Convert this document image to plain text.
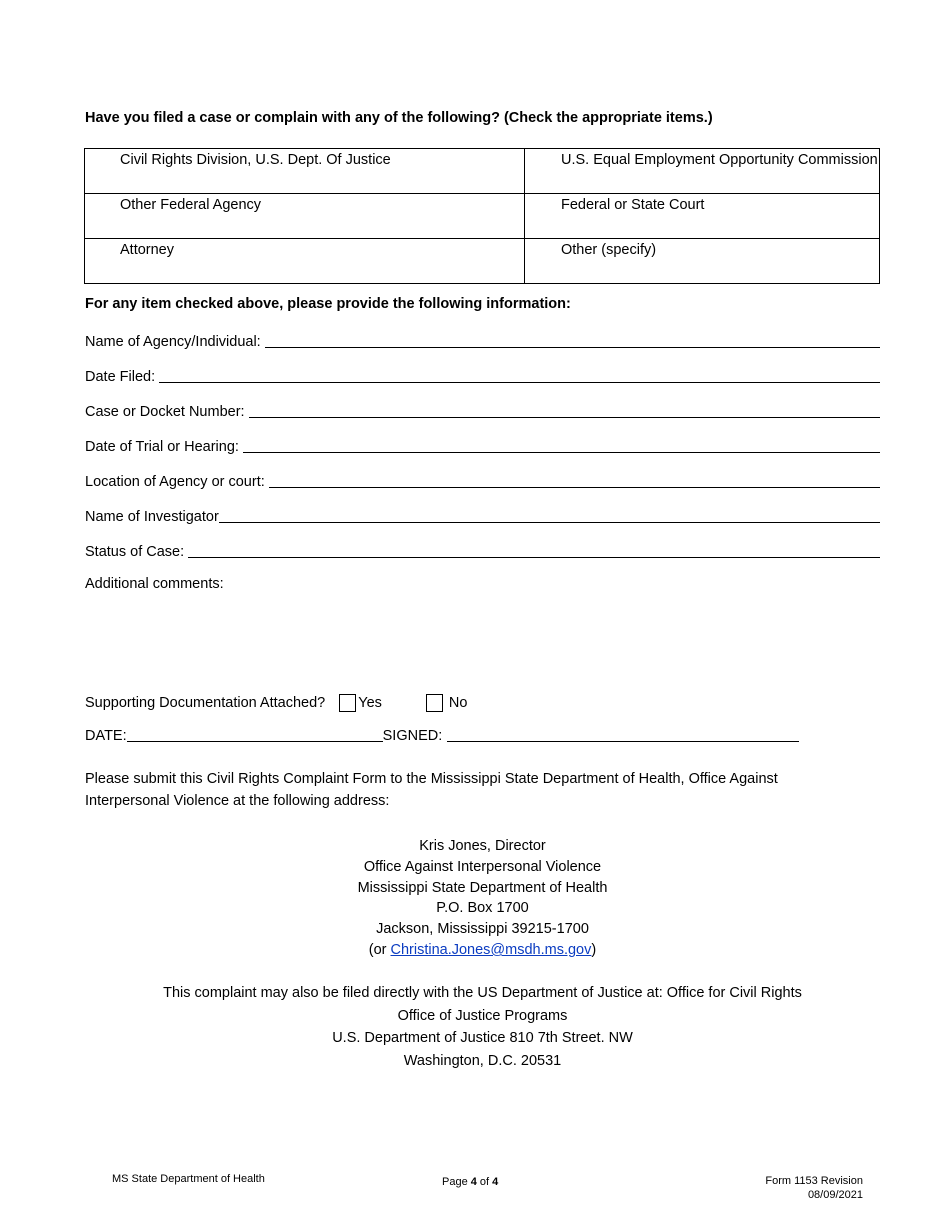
Have you filed a case or complain with any of the following? (Check the appropriate items.)
Civil Rights Division, U.S. Dept. Of Justice	U.S. Equal Employment Opportunity Commission
Other Federal Agency	Federal or State Court
Attorney	Other (specify)
For any item checked above, please provide the following information:
Name of Agency/Individual:
Date Filed:
Case or Docket Number:
Date of Trial or Hearing:
Location of Agency or court:
Name of Investigator
Status of Case:
Additional comments:
Supporting Documentation Attached? Yes	No
DATE:	SIGNED:
Please submit this Civil Rights Complaint Form to the Mississippi State Department of Health, Office Against Interpersonal Violence at the following address:
Kris Jones, Director
Office Against Interpersonal Violence
Mississippi State Department of Health
P.O. Box 1700
Jackson, Mississippi 39215-1700
(or Christina.Jones@msdh.ms.gov)
This complaint may also be filed directly with the US Department of Justice at: Office for Civil Rights
Office of Justice Programs
U.S. Department of Justice 810 7th Street. NW
Washington, D.C. 20531
MS State Department of Health	Page 4 of 4	Form 1153 Revision
08/09/2021
